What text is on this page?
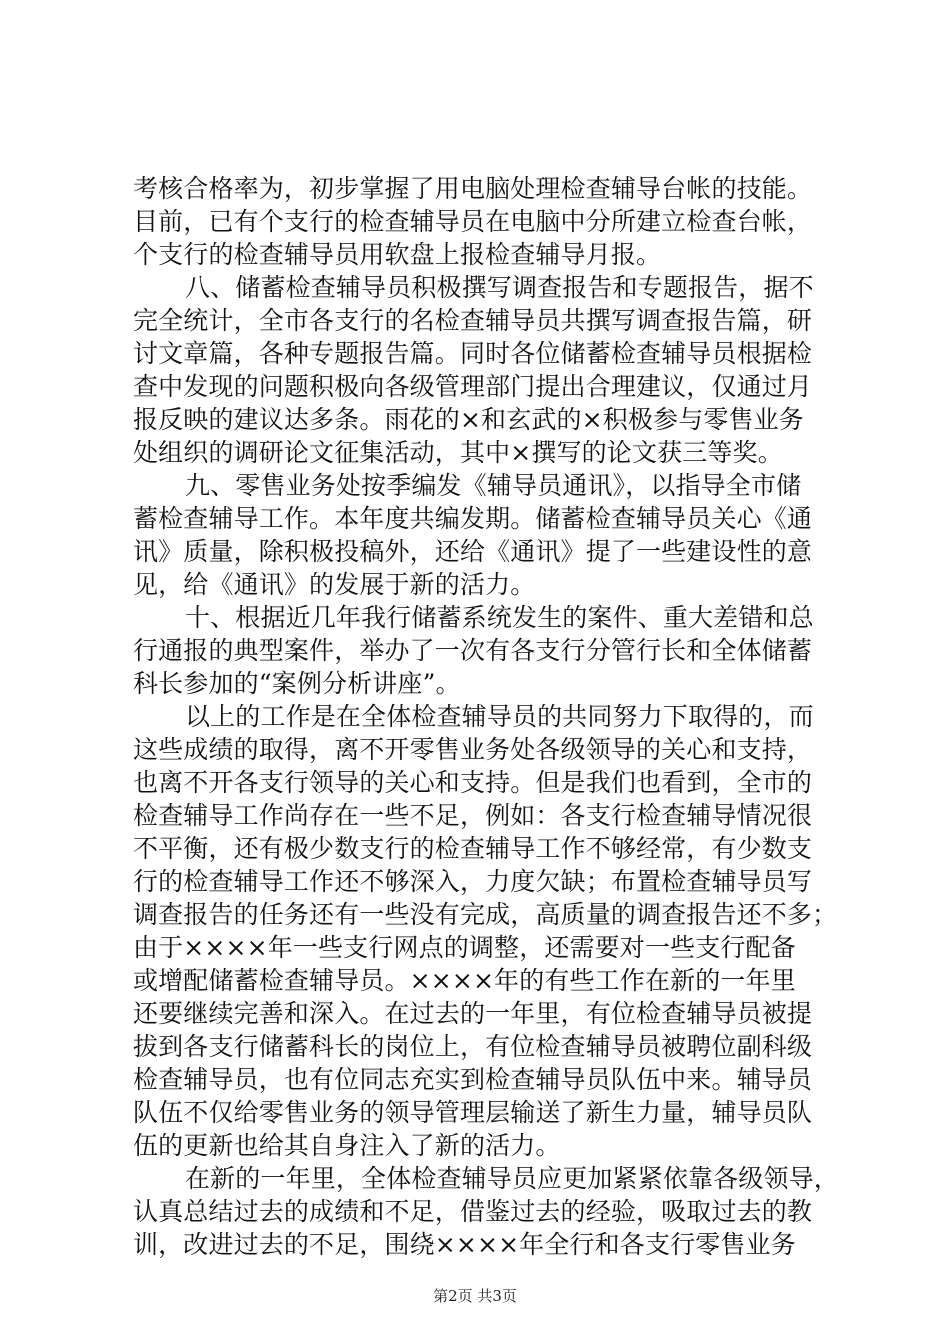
考核合格率为，初步掌握了用电脑处理检查辅导台帐的技能。
目前，已有个支行的检查辅导员在电脑中分所建立检查台帐，
个支行的检查辅导员用软盘上报检查辅导月报。
八、储蓄检查辅导员积极撰写调查报告和专题报告，据不
完全统计，全市各支行的名检查辅导员共撰写调查报告篇，研
讨文章篇，各种专题报告篇。同时各位储蓄检查辅导员根据检
查中发现的问题积极向各级管理部门提出合理建议，仅通过月
报反映的建议达多条。雨花的×和玄武的×积极参与零售业务
处组织的调研论文征集活动，其中×撰写的论文获三等奖。
九、零售业务处按季编发《辅导员通讯》，以指导全市储
蓄检查辅导工作。本年度共编发期。储蓄检查辅导员关心《通
讯》质量，除积极投稿外，还给《通讯》提了一些建设性的意
见，给《通讯》的发展于新的活力。
十、根据近几年我行储蓄系统发生的案件、重大差错和总
行通报的典型案件，举办了一次有各支行分管行长和全体储蓄
科长参加的“案例分析讲座”。
以上的工作是在全体检查辅导员的共同努力下取得的，而
这些成绩的取得，离不开零售业务处各级领导的关心和支持，
也离不开各支行领导的关心和支持。但是我们也看到，全市的
检查辅导工作尚存在一些不足，例如：各支行检查辅导情况很
不平衡，还有极少数支行的检查辅导工作不够经常，有少数支
行的检查辅导工作还不够深入，力度欠缺；布置检查辅导员写
调查报告的任务还有一些没有完成，高质量的调查报告还不多；
由于××××年一些支行网点的调整，还需要对一些支行配备
或增配储蓄检查辅导员。××××年的有些工作在新的一年里
还要继续完善和深入。在过去的一年里，有位检查辅导员被提
拔到各支行储蓄科长的岗位上，有位检查辅导员被聘位副科级
检查辅导员，也有位同志充实到检查辅导员队伍中来。辅导员
队伍不仅给零售业务的领导管理层输送了新生力量，辅导员队
伍的更新也给其自身注入了新的活力。
在新的一年里，全体检查辅导员应更加紧紧依靠各级领导，
认真总结过去的成绩和不足，借鉴过去的经验，吸取过去的教
训，改进过去的不足，围绕××××年全行和各支行零售业务
第2页 共3页
